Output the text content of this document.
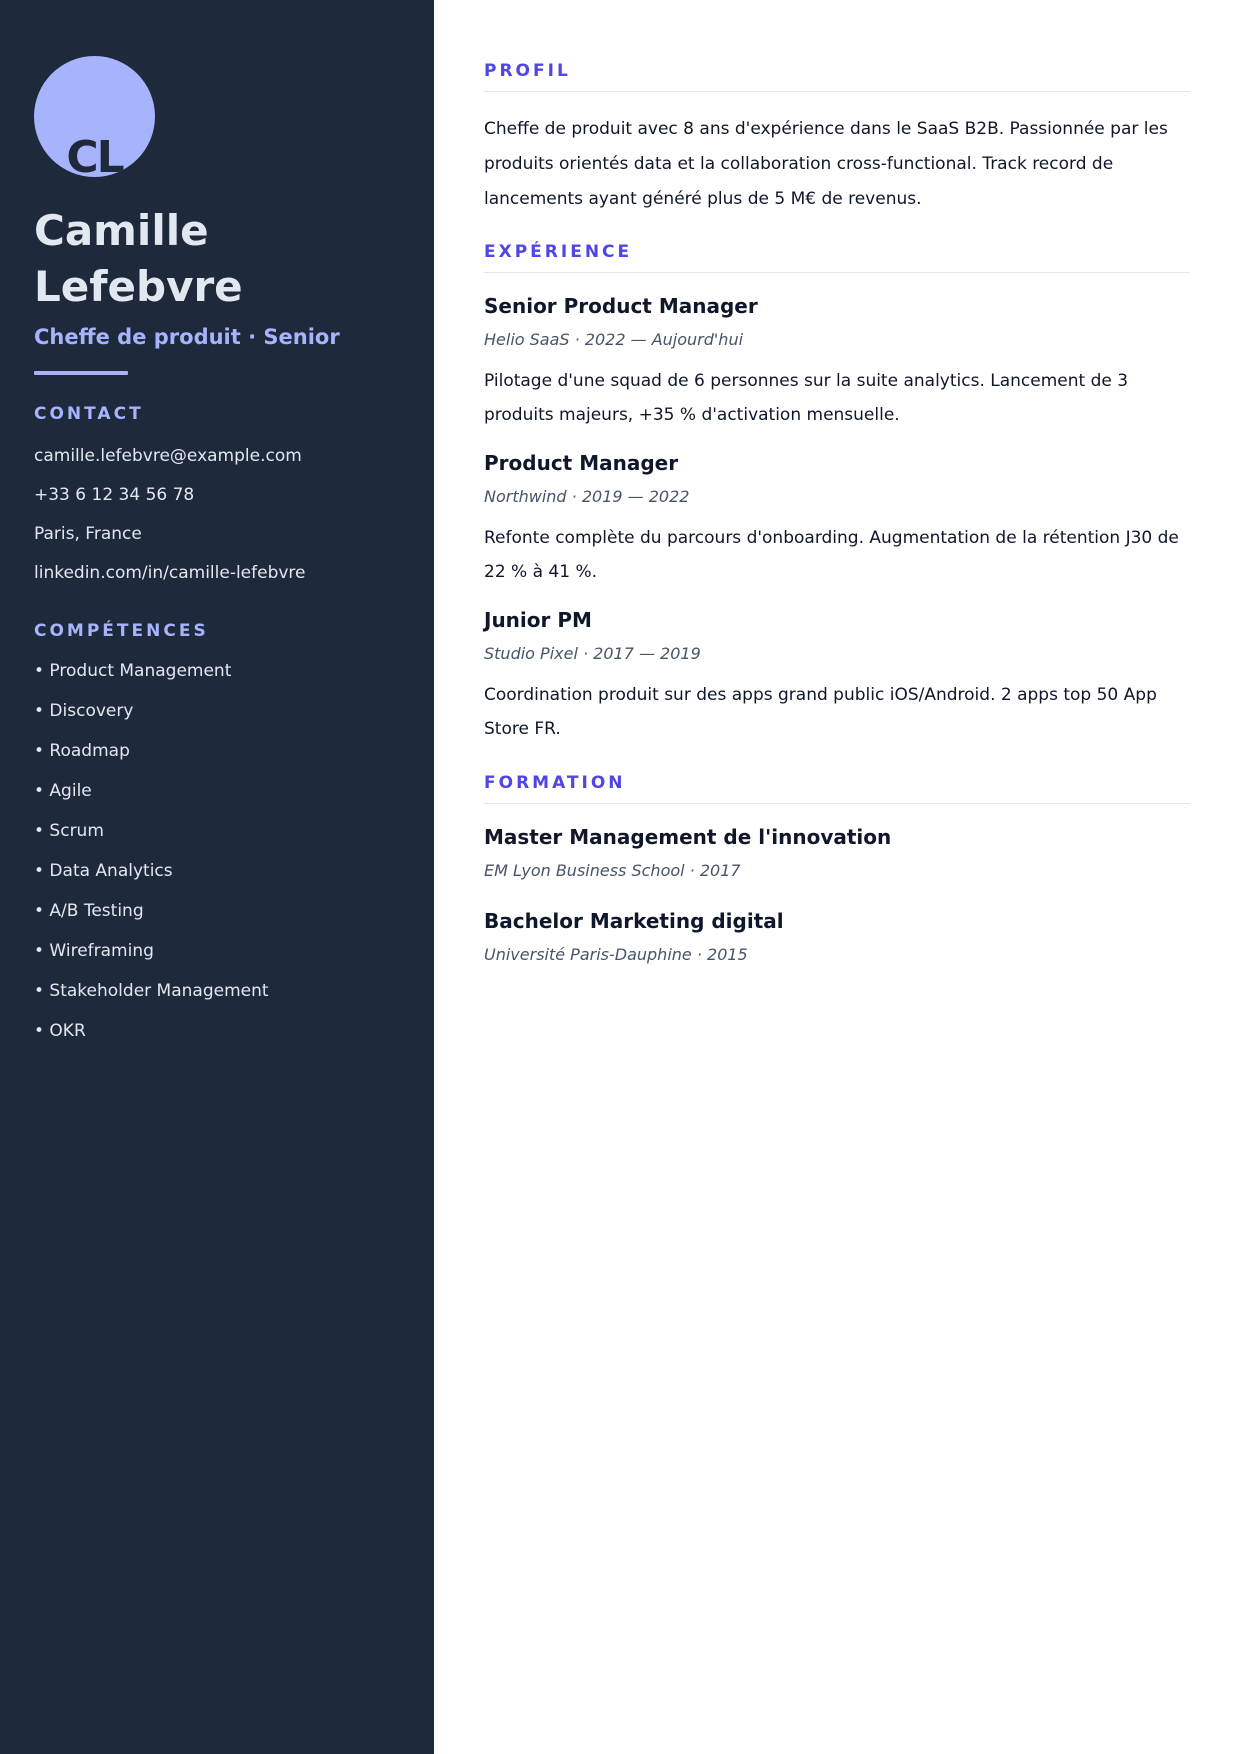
CL
Camille
Lefebvre
Cheffe de produit · Senior
CONTACT
camille.lefebvre@example.com
+33 6 12 34 56 78
Paris, France
linkedin.com/in/camille-lefebvre
COMPÉTENCES
• Product Management
• Discovery
• Roadmap
• Agile
• Scrum
• Data Analytics
• A/B Testing
• Wireframing
• Stakeholder Management
• OKR
PROFIL

Cheffe de produit avec 8 ans d'expérience dans le SaaS B2B. Passionnée par les produits orientés data et la collaboration cross-functional. Track record de lancements ayant généré plus de 5 M€ de revenus.

EXPÉRIENCE
Senior Product Manager
Helio SaaS · 2022 — Aujourd'hui

Pilotage d'une squad de 6 personnes sur la suite analytics. Lancement de 3 produits majeurs, +35 % d'activation mensuelle.

Product Manager
Northwind · 2019 — 2022

Refonte complète du parcours d'onboarding. Augmentation de la rétention J30 de 22 % à 41 %.

Junior PM
Studio Pixel · 2017 — 2019

Coordination produit sur des apps grand public iOS/Android. 2 apps top 50 App Store FR.

FORMATION
Master Management de l'innovation
EM Lyon Business School · 2017
Bachelor Marketing digital
Université Paris-Dauphine · 2015
